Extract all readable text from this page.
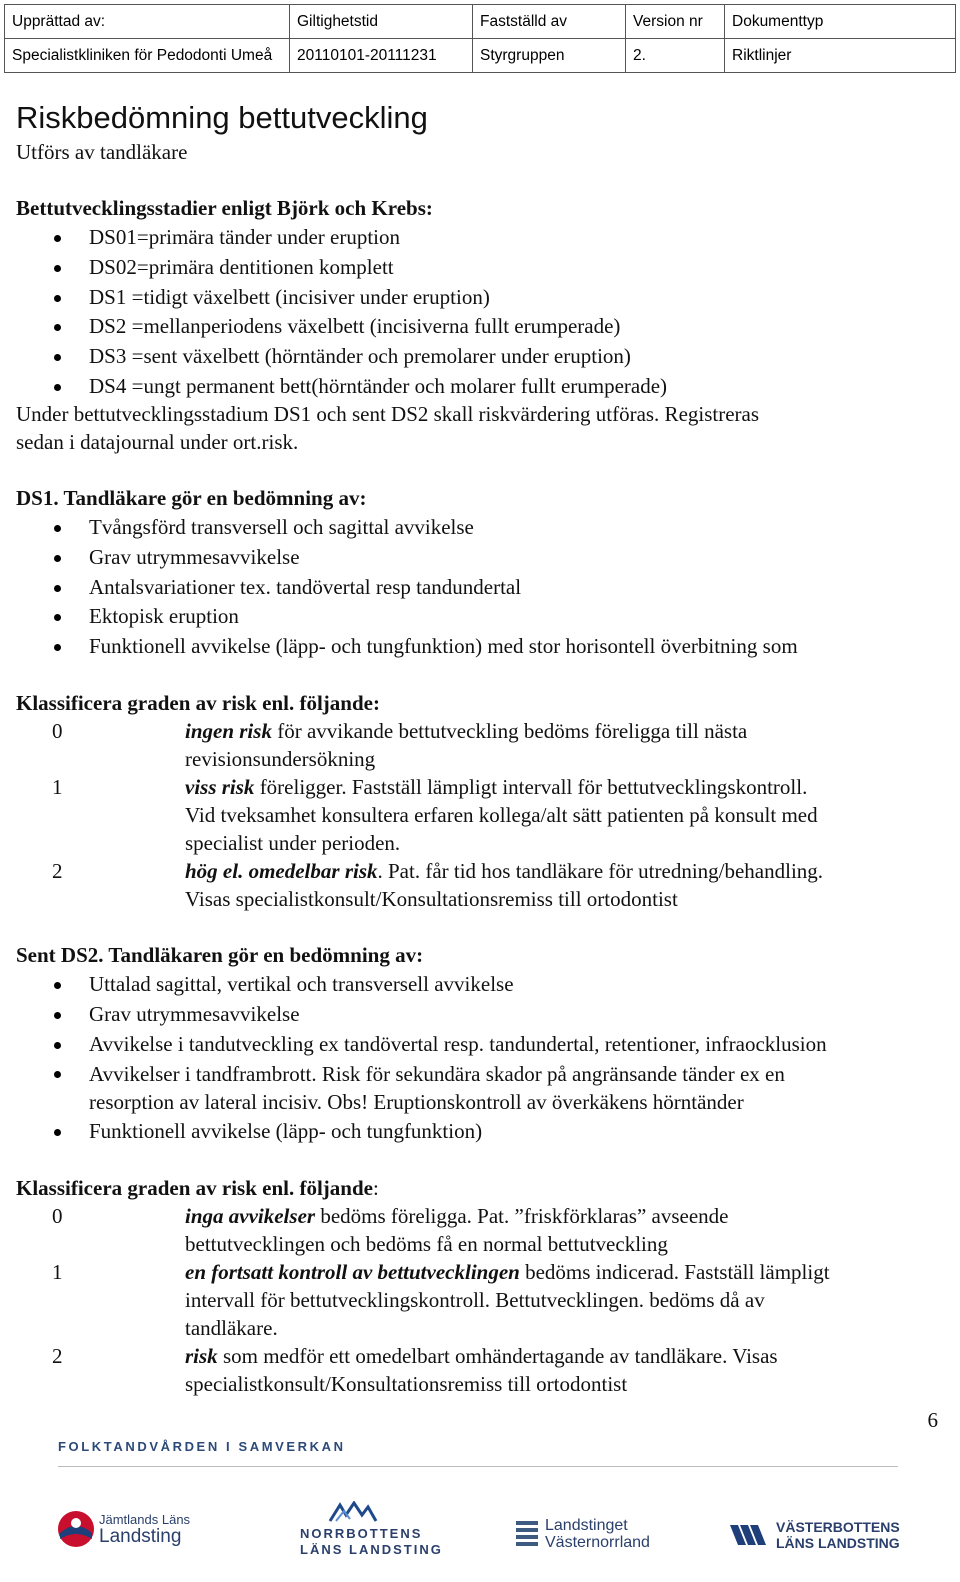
Upprättad av:	Giltighetstid	Fastställd av	Version nr	Dokumenttyp
Specialistkliniken för Pedodonti Umeå	20110101-20111231	Styrgruppen	2.	Riktlinjer
Riskbedömning bettutveckling

Utförs av tandläkare

Bettutvecklingsstadier enligt Björk och Krebs:

DS01=primära tänder under eruption
DS02=primära dentitionen komplett
DS1 =tidigt växelbett (incisiver under eruption)
DS2 =mellanperiodens växelbett (incisiverna fullt erumperade)
DS3 =sent växelbett (hörntänder och premolarer under eruption)
DS4 =ungt permanent bett(hörntänder och molarer fullt erumperade)

Under bettutvecklingsstadium DS1 och sent DS2 skall riskvärdering utföras. Registreras

sedan i datajournal under ort.risk.

DS1. Tandläkare gör en bedömning av:

Tvångsförd transversell och sagittal avvikelse
Grav utrymmesavvikelse
Antalsvariationer tex. tandövertal resp tandundertal
Ektopisk eruption
Funktionell avvikelse (läpp- och tungfunktion) med stor horisontell överbitning som

Klassificera graden av risk enl. följande:

0	ingen risk för avvikande bettutveckling bedöms föreligga till nästa
revisionsundersökning
1	viss risk föreligger. Fastställ lämpligt intervall för bettutvecklingskontroll.
Vid tveksamhet konsultera erfaren kollega/alt sätt patienten på konsult med
specialist under perioden.
2	hög el. omedelbar risk. Pat. får tid hos tandläkare för utredning/behandling.
Visas specialistkonsult/Konsultationsremiss till ortodontist

Sent DS2. Tandläkaren gör en bedömning av:

Uttalad sagittal, vertikal och transversell avvikelse
Grav utrymmesavvikelse
Avvikelse i tandutveckling ex tandövertal resp. tandundertal, retentioner, infraocklusion
Avvikelser i tandframbrott. Risk för sekundära skador på angränsande tänder ex en
resorption av lateral incisiv. Obs! Eruptionskontroll av överkäkens hörntänder
Funktionell avvikelse (läpp- och tungfunktion)

Klassificera graden av risk enl. följande:

0	inga avvikelser bedöms föreligga. Pat. ”friskförklaras” avseende
bettutvecklingen och bedöms få en normal bettutveckling
1	en fortsatt kontroll av bettutvecklingen bedöms indicerad. Fastställ lämpligt
intervall för bettutvecklingskontroll. Bettutvecklingen. bedöms då av
tandläkare.
2	risk som medför ett omedelbart omhändertagande av tandläkare. Visas
specialistkonsult/Konsultationsremiss till ortodontist
6
FOLKTANDVÅRDEN I SAMVERKAN
Jämtlands Läns
Landsting	NORRBOTTENS
LÄNS LANDSTING
Landstinget
Västernorrland
VÄSTERBOTTENS
LÄNS LANDSTING
